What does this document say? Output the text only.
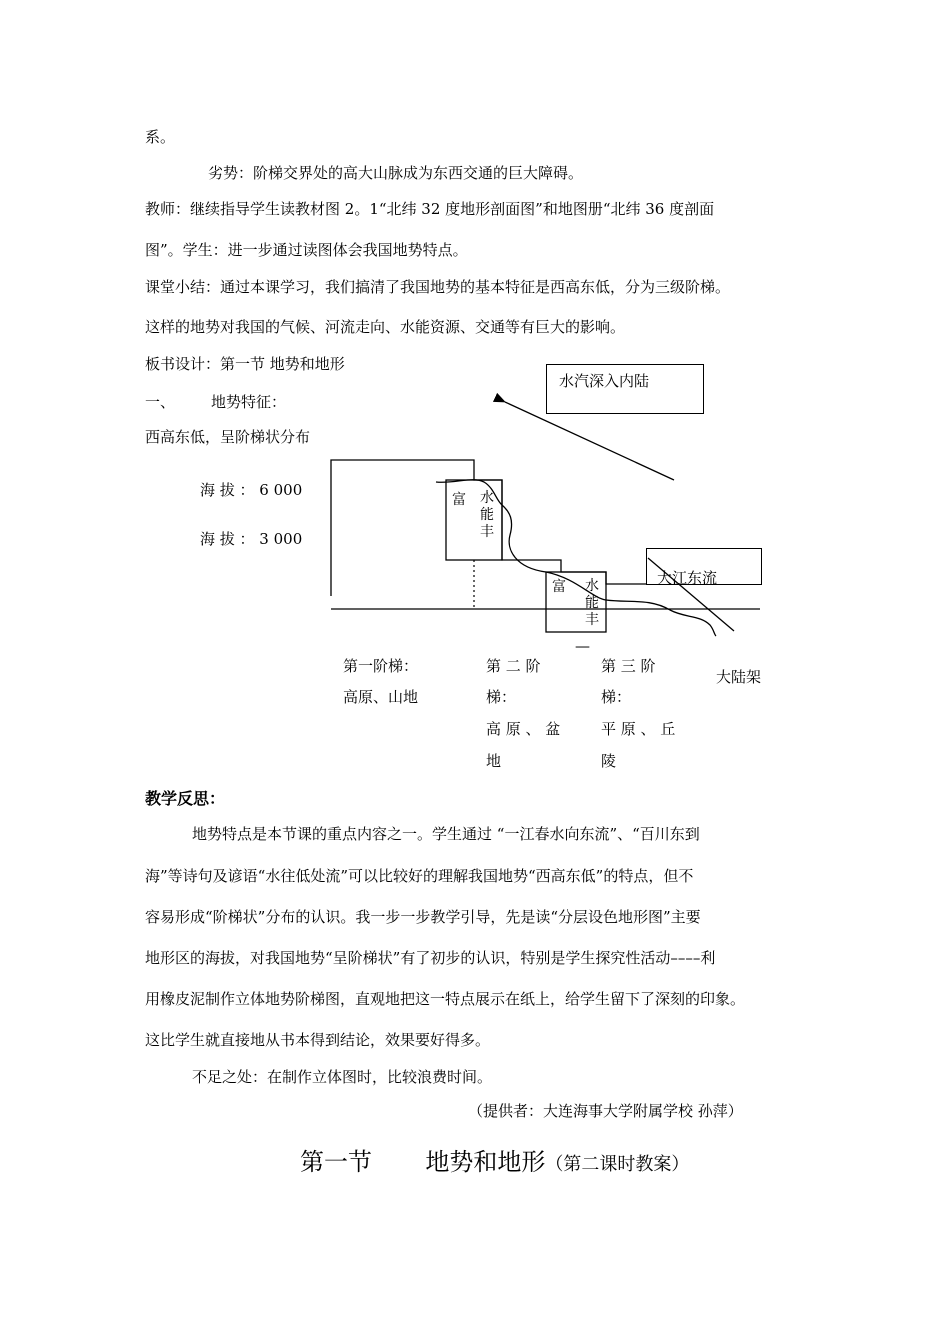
系。
劣势：阶梯交界处的高大山脉成为东西交通的巨大障碍。
教师：继续指导学生读教材图 2。1“北纬 32 度地形剖面图”和地图册“北纬 36 度剖面
图”。学生：进一步通过读图体会我国地势特点。
课堂小结：通过本课学习，我们搞清了我国地势的基本特征是西高东低，分为三级阶梯。
这样的地势对我国的气候、河流走向、水能资源、交通等有巨大的影响。
板书设计：第一节 地势和地形
一、 地势特征：
西高东低，呈阶梯状分布
水汽深入内陆
大江东流
海 拔 ： 6 000
海 拔 ： 3 000
富 水能丰
富 水能丰
—
第一阶梯：
高原、山地
第 二 阶
梯：
高 原 、 盆
地
第 三 阶
梯：
平 原 、 丘
陵
大陆架
教学反思：
地势特点是本节课的重点内容之一。学生通过 “一江春水向东流”、“百川东到
海”等诗句及谚语“水往低处流”可以比较好的理解我国地势“西高东低”的特点，但不
容易形成“阶梯状”分布的认识。我一步一步教学引导，先是读“分层设色地形图”主要
地形区的海拔，对我国地势“呈阶梯状”有了初步的认识，特别是学生探究性活动––––利
用橡皮泥制作立体地势阶梯图，直观地把这一特点展示在纸上，给学生留下了深刻的印象。
这比学生就直接地从书本得到结论，效果要好得多。
不足之处：在制作立体图时，比较浪费时间。
（提供者：大连海事大学附属学校 孙萍）
第一节       地势和地形（第二课时教案）
